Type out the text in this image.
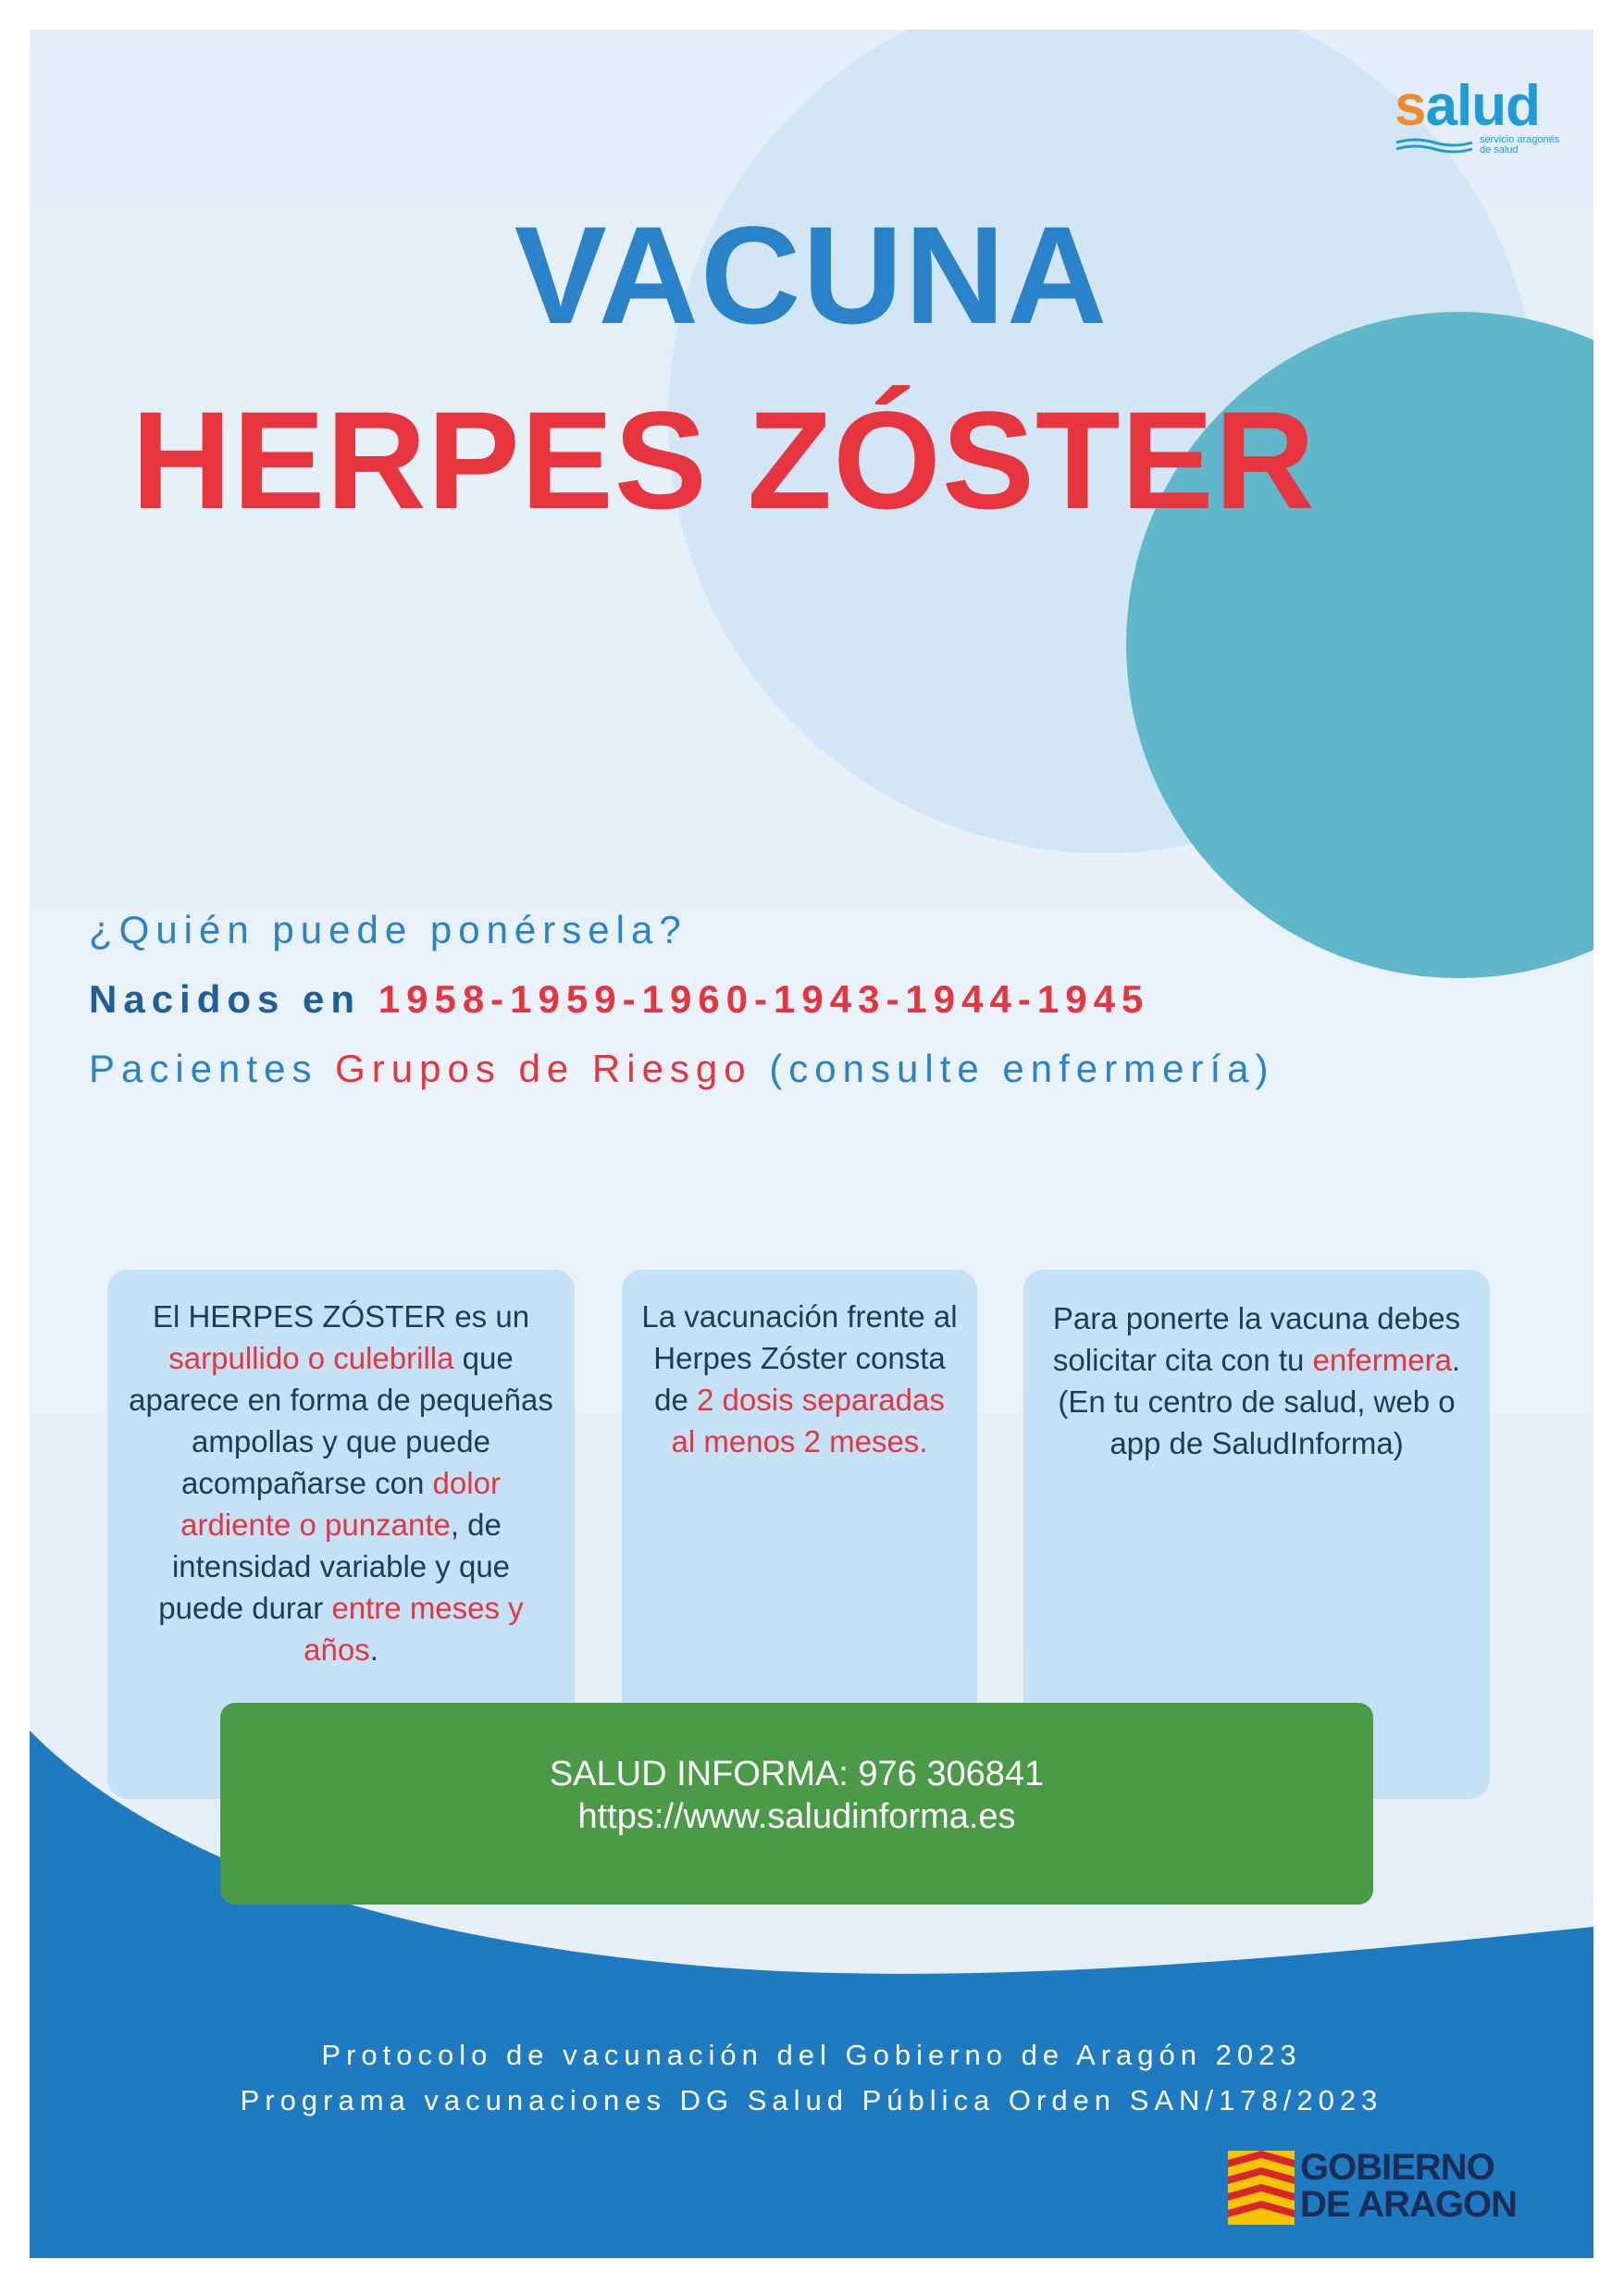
salud
servicio aragonés de salud
VACUNA
HERPES ZÓSTER
¿Quién puede ponérsela?
Nacidos en 1958-1959-1960-1943-1944-1945
Pacientes Grupos de Riesgo (consulte enfermería)
El HERPES ZÓSTER es un sarpullido o culebrilla que aparece en forma de pequeñas ampollas y que puede acompañarse con dolor ardiente o punzante, de intensidad variable y que puede durar entre meses y años.
La vacunación frente al Herpes Zóster consta de 2 dosis separadas al menos 2 meses.
Para ponerte la vacuna debes solicitar cita con tu enfermera.
(En tu centro de salud, web o app de SaludInforma)
SALUD INFORMA: 976 306841
https://www.saludinforma.es
Protocolo de vacunación del Gobierno de Aragón 2023
Programa vacunaciones DG Salud Pública Orden SAN/178/2023
GOBIERNO
DE ARAGON
